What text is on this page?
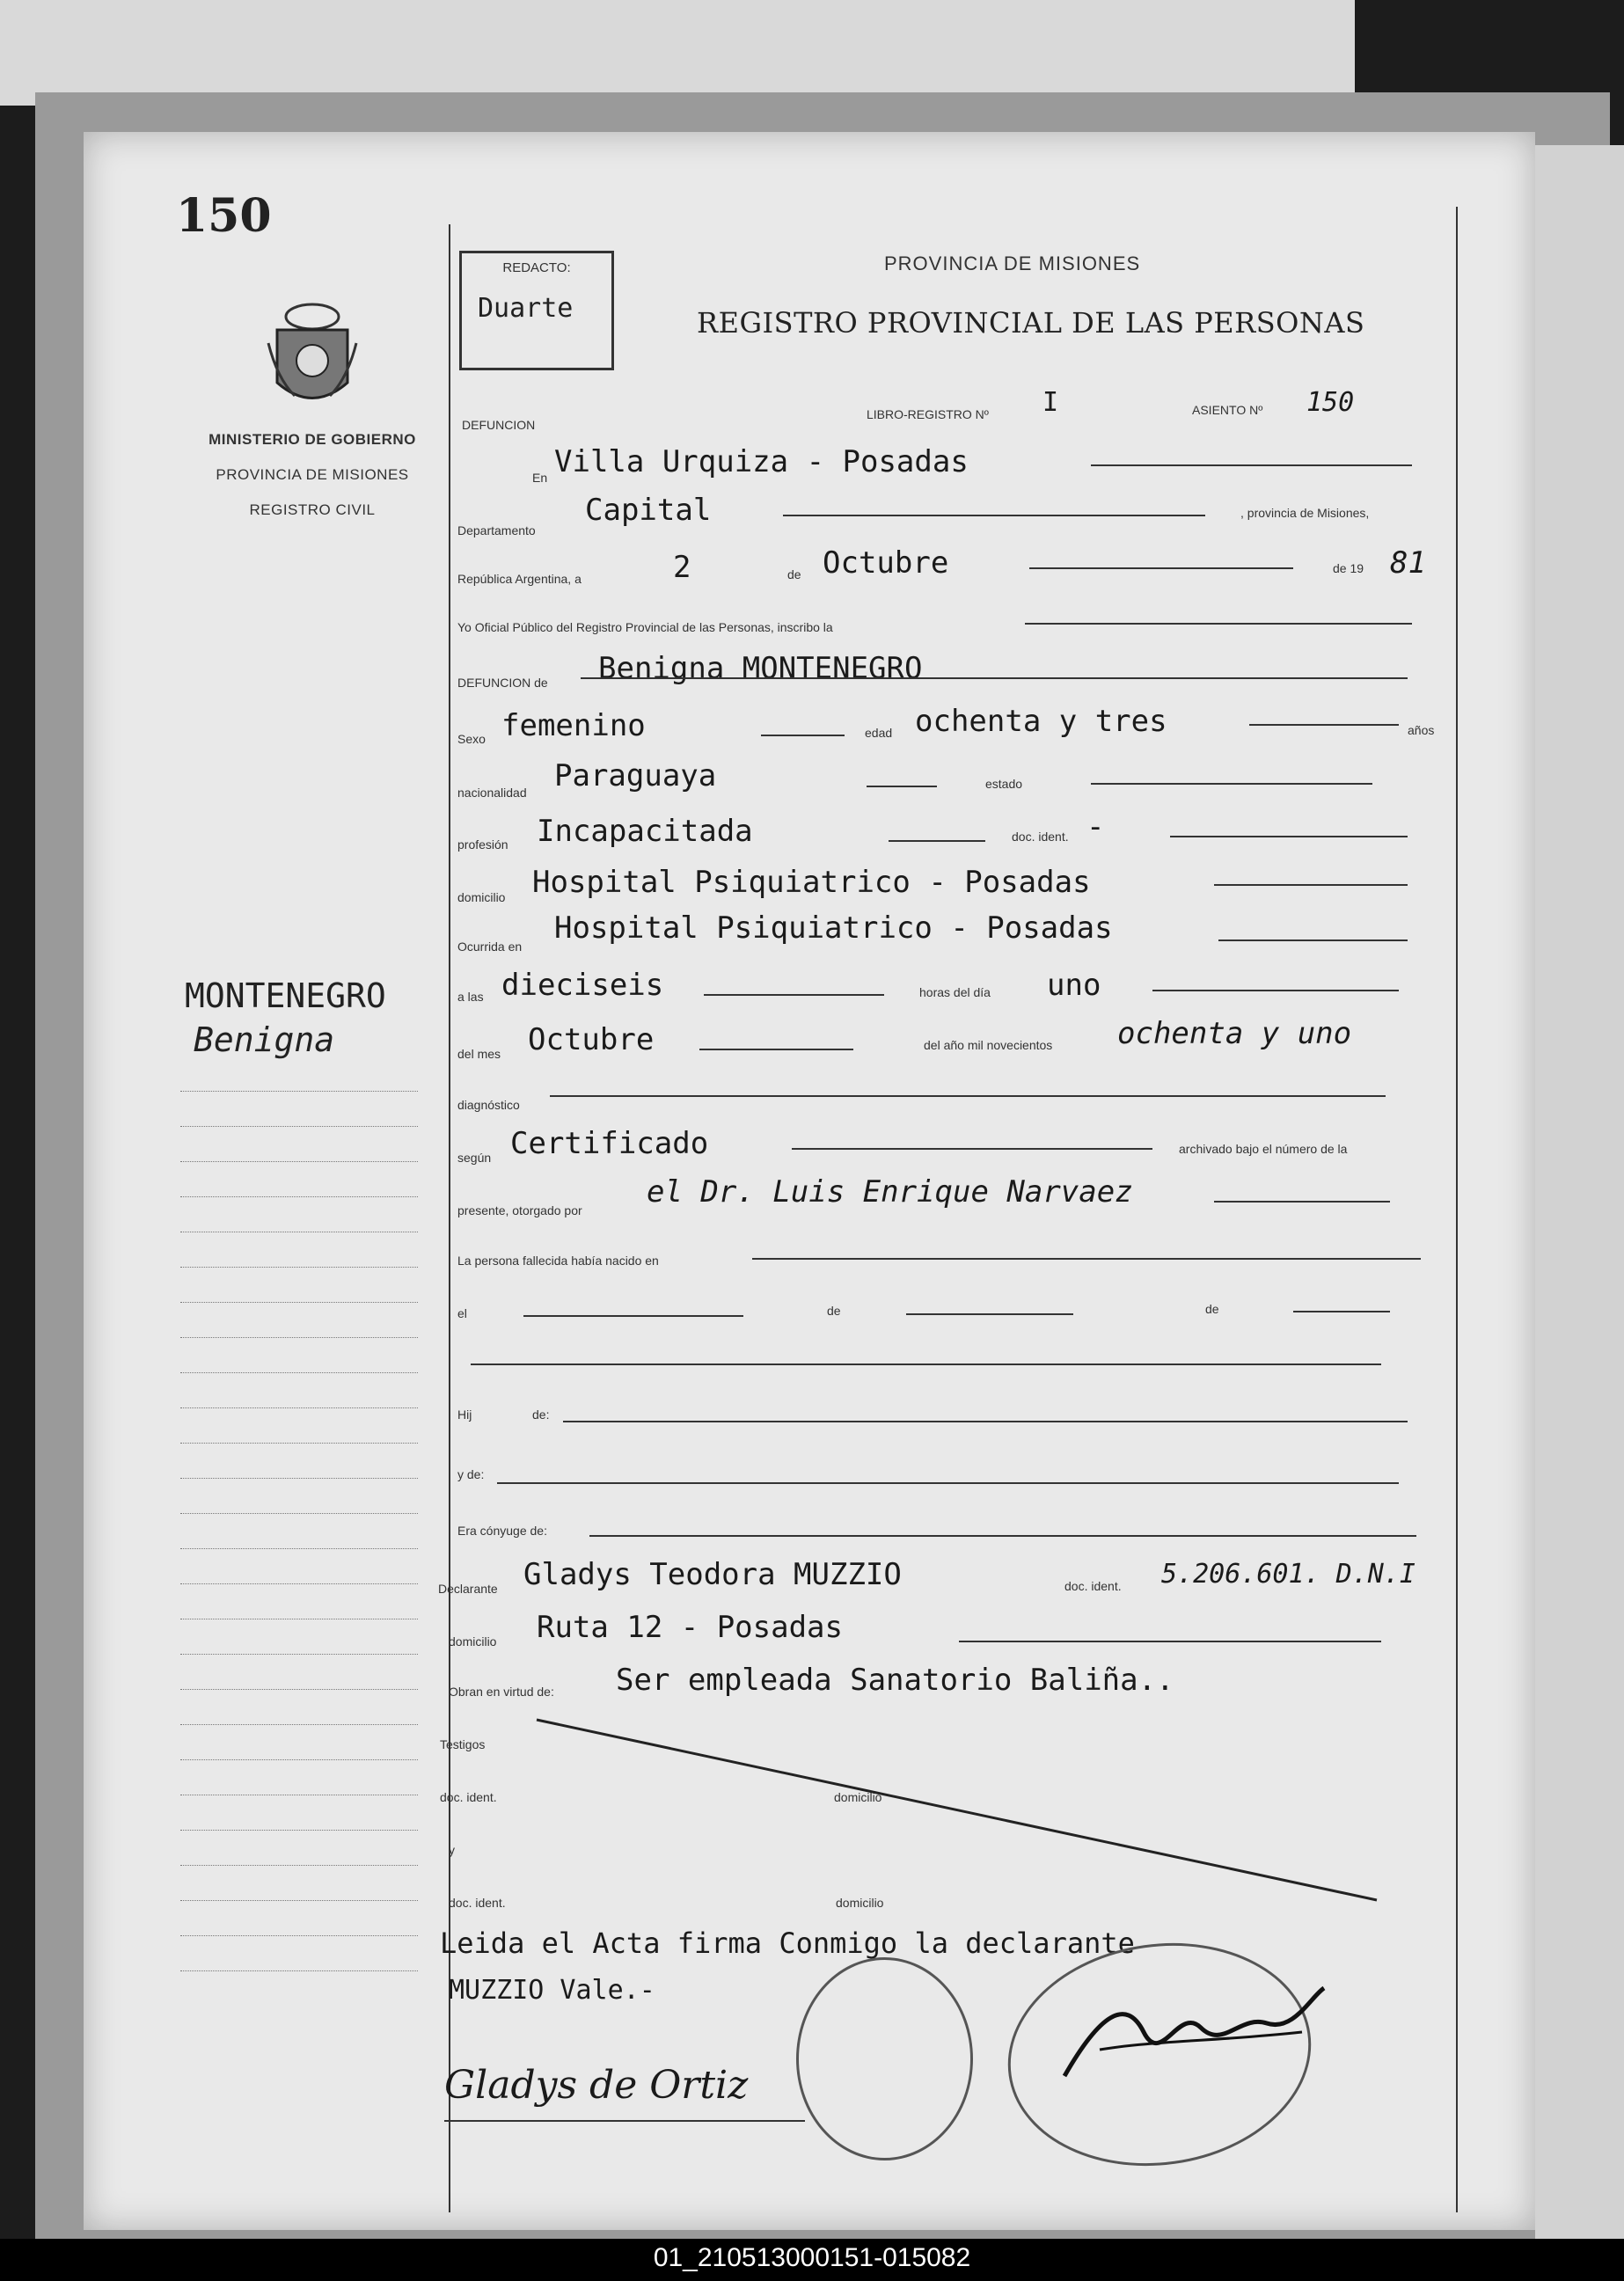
150
MINISTERIO DE GOBIERNO
PROVINCIA DE MISIONES
REGISTRO CIVIL
MONTENEGRO
Benigna
REDACTO:
Duarte
PROVINCIA DE MISIONES
REGISTRO PROVINCIAL DE LAS PERSONAS
DEFUNCION
LIBRO-REGISTRO Nº I	ASIENTO Nº 150
En Villa Urquiza - Posadas
Departamento
Capital	, provincia de Misiones,
República Argentina, a	2	de Octubre	de 19 81
Yo Oficial Público del Registro Provincial de las Personas, inscribo la
DEFUNCION de Benigna MONTENEGRO
Sexo femenino	edad ochenta y tres	años
nacionalidad Paraguaya	estado
profesión Incapacitada	doc. ident. -
domicilio Hospital Psiquiatrico - Posadas
Ocurrida en
Hospital Psiquiatrico - Posadas
a las dieciseis	horas del día uno
del mes Octubre	del año mil novecientos ochenta y uno
diagnóstico
según Certificado	archivado bajo el número de la
presente, otorgado por
el Dr. Luis Enrique Narvaez
La persona fallecida había nacido en
el	de	de
Hij	de:
y de:
Era cónyuge de:
Declarante Gladys Teodora MUZZIO	doc. ident. 5.206.601. D.N.I
domicilio Ruta 12 - Posadas
Obran en virtud de: Ser empleada Sanatorio Baliña..
Testigos
doc. ident.	domicilio
y
doc. ident.	domicilio
Leida el Acta firma Conmigo la declarante
MUZZIO Vale.-
Gladys de Ortiz
01_210513000151-015082
